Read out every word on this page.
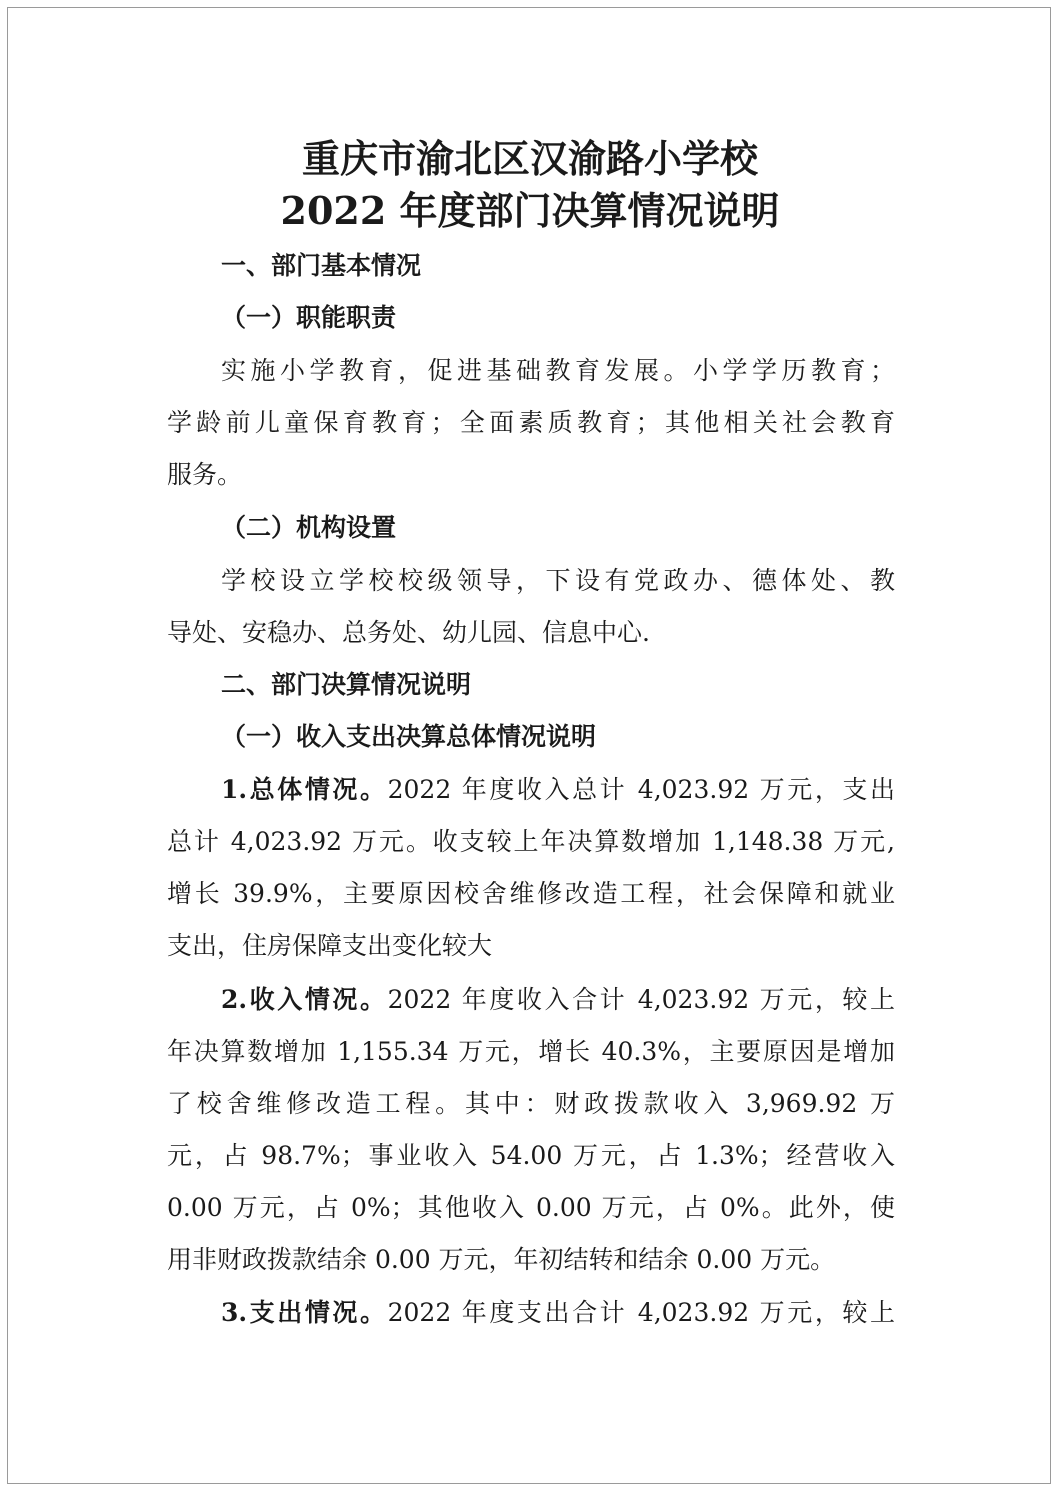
重庆市渝北区汉渝路小学校
2022 年度部门决算情况说明
一、部门基本情况
（一）职能职责
实施小学教育，促进基础教育发展。小学学历教育；
学龄前儿童保育教育；全面素质教育；其他相关社会教育
服务。
（二）机构设置
学校设立学校校级领导，下设有党政办、德体处、教
导处、安稳办、总务处、幼儿园、信息中心.
二、部门决算情况说明
（一）收入支出决算总体情况说明
1.总体情况。2022 年度收入总计 4,023.92 万元，支出
总计 4,023.92 万元。收支较上年决算数增加 1,148.38 万元,
增长 39.9%，主要原因校舍维修改造工程，社会保障和就业
支出，住房保障支出变化较大
2.收入情况。2022 年度收入合计 4,023.92 万元，较上
年决算数增加 1,155.34 万元，增长 40.3%，主要原因是增加
了校舍维修改造工程。其中：财政拨款收入 3,969.92 万
元，占 98.7%；事业收入 54.00 万元，占 1.3%；经营收入
0.00 万元，占 0%；其他收入 0.00 万元，占 0%。此外，使
用非财政拨款结余 0.00 万元，年初结转和结余 0.00 万元。
3.支出情况。2022 年度支出合计 4,023.92 万元，较上
